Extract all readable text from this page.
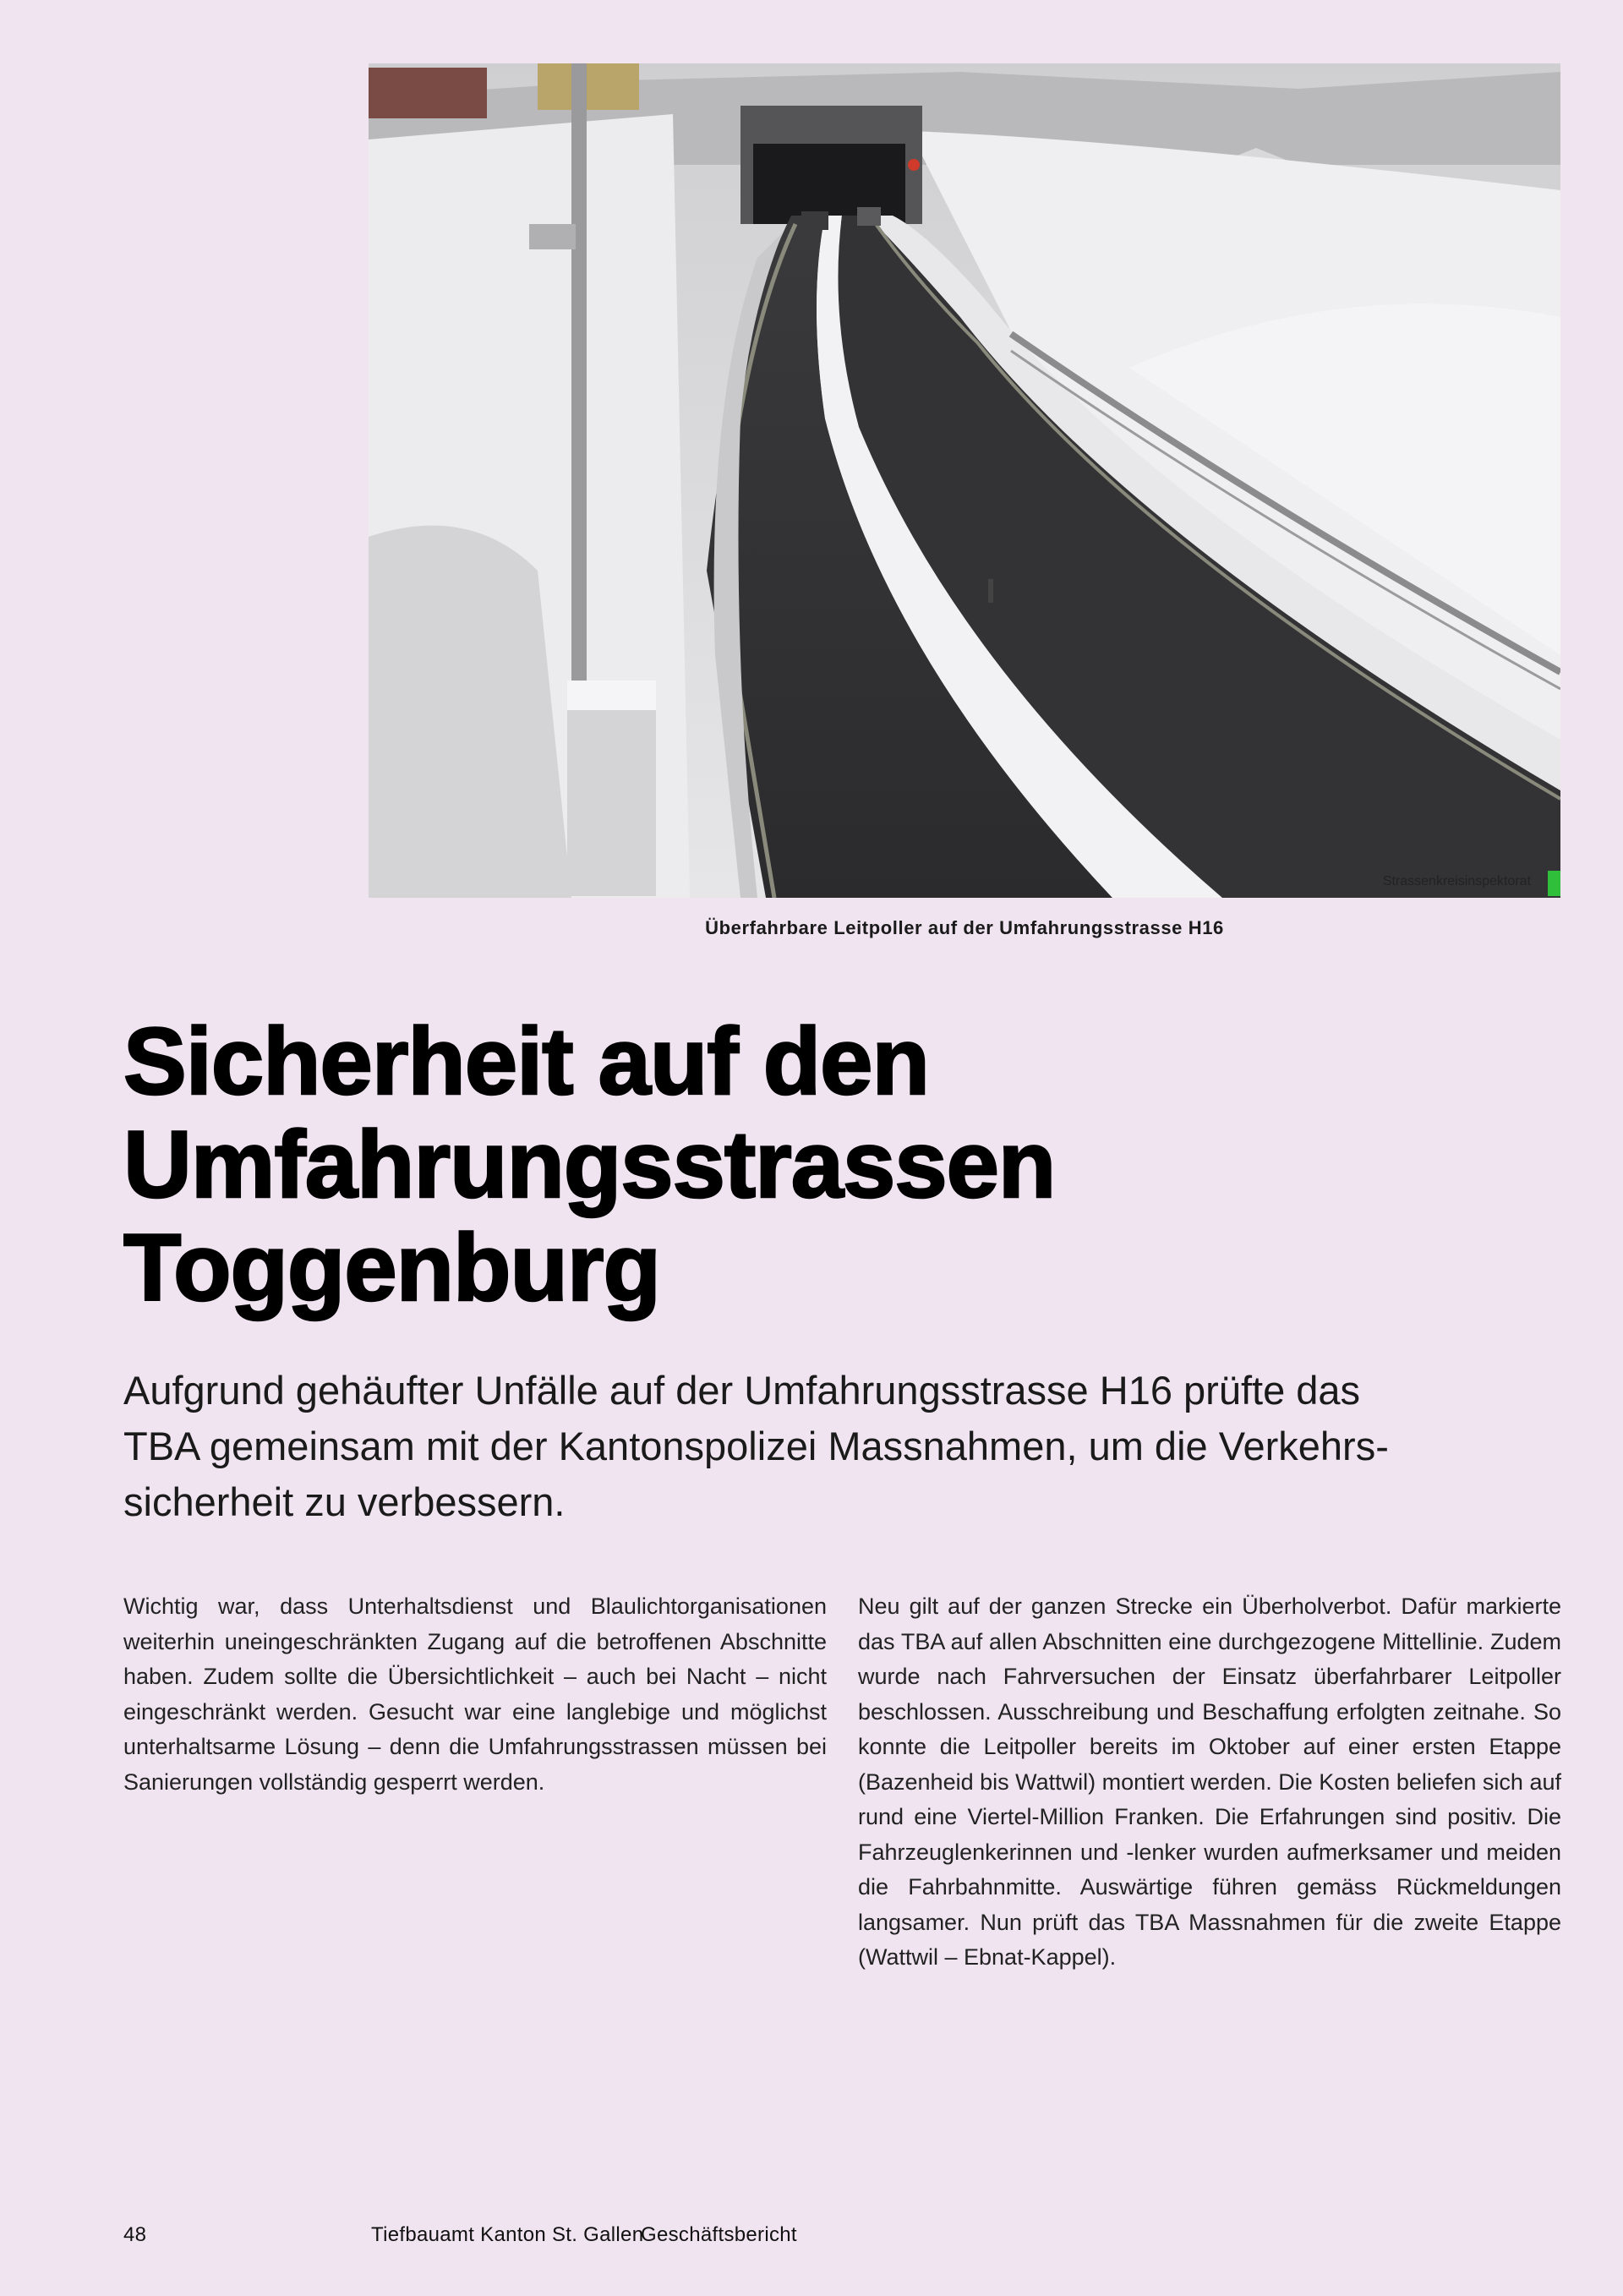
Strassenkreisinspektorat
Überfahrbare Leitpoller auf der Umfahrungsstrasse H16
Sicherheit auf den
Umfahrungsstrassen
Toggenburg

Aufgrund gehäufter Unfälle auf der Umfahrungsstrasse H16 prüfte das
TBA gemeinsam mit der Kantonspolizei Massnahmen, um die Verkehrs-
sicherheit zu verbessern.

Wichtig war, dass Unterhaltsdienst und Blaulichtorganisationen weiterhin uneingeschränkten Zugang auf die betroffenen Abschnitte haben. Zudem sollte die Übersichtlichkeit – auch bei Nacht – nicht eingeschränkt werden. Gesucht war eine langlebige und möglichst unterhaltsarme Lösung – denn die Umfahrungsstrassen müssen bei Sanierungen vollständig gesperrt werden.

Neu gilt auf der ganzen Strecke ein Überholverbot. Dafür markierte das TBA auf allen Abschnitten eine durchgezogene Mittellinie. Zudem wurde nach Fahrversuchen der Einsatz überfahrbarer Leitpoller beschlossen. Ausschreibung und Beschaffung erfolgten zeitnahe. So konnte die Leitpoller bereits im Oktober auf einer ersten Etappe (Bazenheid bis Wattwil) montiert werden. Die Kosten beliefen sich auf rund eine Viertel-Million Franken. Die Erfahrungen sind positiv. Die Fahrzeuglenkerinnen und -lenker wurden aufmerksamer und meiden die Fahrbahnmitte. Auswärtige führen gemäss Rückmeldungen langsamer. Nun prüft das TBA Massnahmen für die zweite Etappe (Wattwil – Ebnat-Kappel).

48	Tiefbauamt Kanton St. Gallen
Geschäftsbericht
